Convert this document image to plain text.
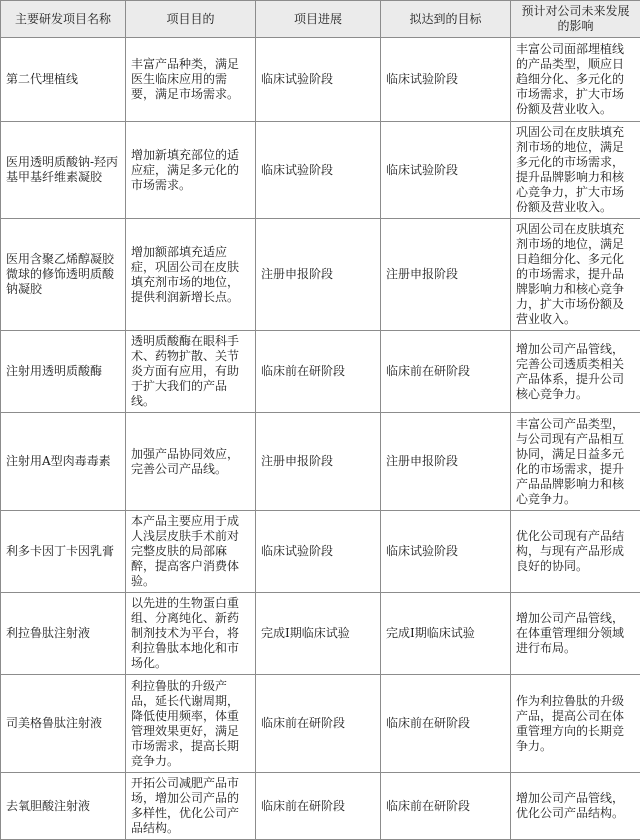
主要研发项目名称	项目目的	项目进展	拟达到的目标	预计对公司未来发展的影响
第二代埋植线	丰富产品种类，满足医生临床应用的需要，满足市场需求。	临床试验阶段	临床试验阶段	丰富公司面部埋植线的产品类型，顺应日趋细分化、多元化的市场需求，扩大市场份额及营业收入。
医用透明质酸钠-羟丙基甲基纤维素凝胶	增加新填充部位的适应症，满足多元化的市场需求。	临床试验阶段	临床试验阶段	巩固公司在皮肤填充剂市场的地位，满足多元化的市场需求，提升品牌影响力和核心竞争力，扩大市场份额及营业收入。
医用含聚乙烯醇凝胶微球的修饰透明质酸钠凝胶	增加额部填充适应症，巩固公司在皮肤填充剂市场的地位，提供利润新增长点。	注册申报阶段	注册申报阶段	巩固公司在皮肤填充剂市场的地位，满足日趋细分化、多元化的市场需求，提升品牌影响力和核心竞争力，扩大市场份额及营业收入。
注射用透明质酸酶	透明质酸酶在眼科手术、药物扩散、关节炎方面有应用，有助于扩大我们的产品线。	临床前在研阶段	临床前在研阶段	增加公司产品管线，完善公司透质类相关产品体系，提升公司核心竞争力。
注射用A型肉毒毒素	加强产品协同效应，完善公司产品线。	注册申报阶段	注册申报阶段	丰富公司产品类型，与公司现有产品相互协同，满足日益多元化的市场需求，提升产品品牌影响力和核心竞争力。
利多卡因丁卡因乳膏	本产品主要应用于成人浅层皮肤手术前对完整皮肤的局部麻醉，提高客户消费体验。	临床试验阶段	临床试验阶段	优化公司现有产品结构，与现有产品形成良好的协同。
利拉鲁肽注射液	以先进的生物蛋白重组、分离纯化、新药制剂技术为平台，将利拉鲁肽本地化和市场化。	完成Ⅰ期临床试验	完成Ⅰ期临床试验	增加公司产品管线，在体重管理细分领域进行布局。
司美格鲁肽注射液	利拉鲁肽的升级产品，延长代谢周期，降低使用频率，体重管理效果更好，满足市场需求，提高长期竞争力。	临床前在研阶段	临床前在研阶段	作为利拉鲁肽的升级产品，提高公司在体重管理方向的长期竞争力。
去氧胆酸注射液	开拓公司减肥产品市场，增加公司产品的多样性，优化公司产品结构。	临床前在研阶段	临床前在研阶段	增加公司产品管线，优化公司产品结构。
